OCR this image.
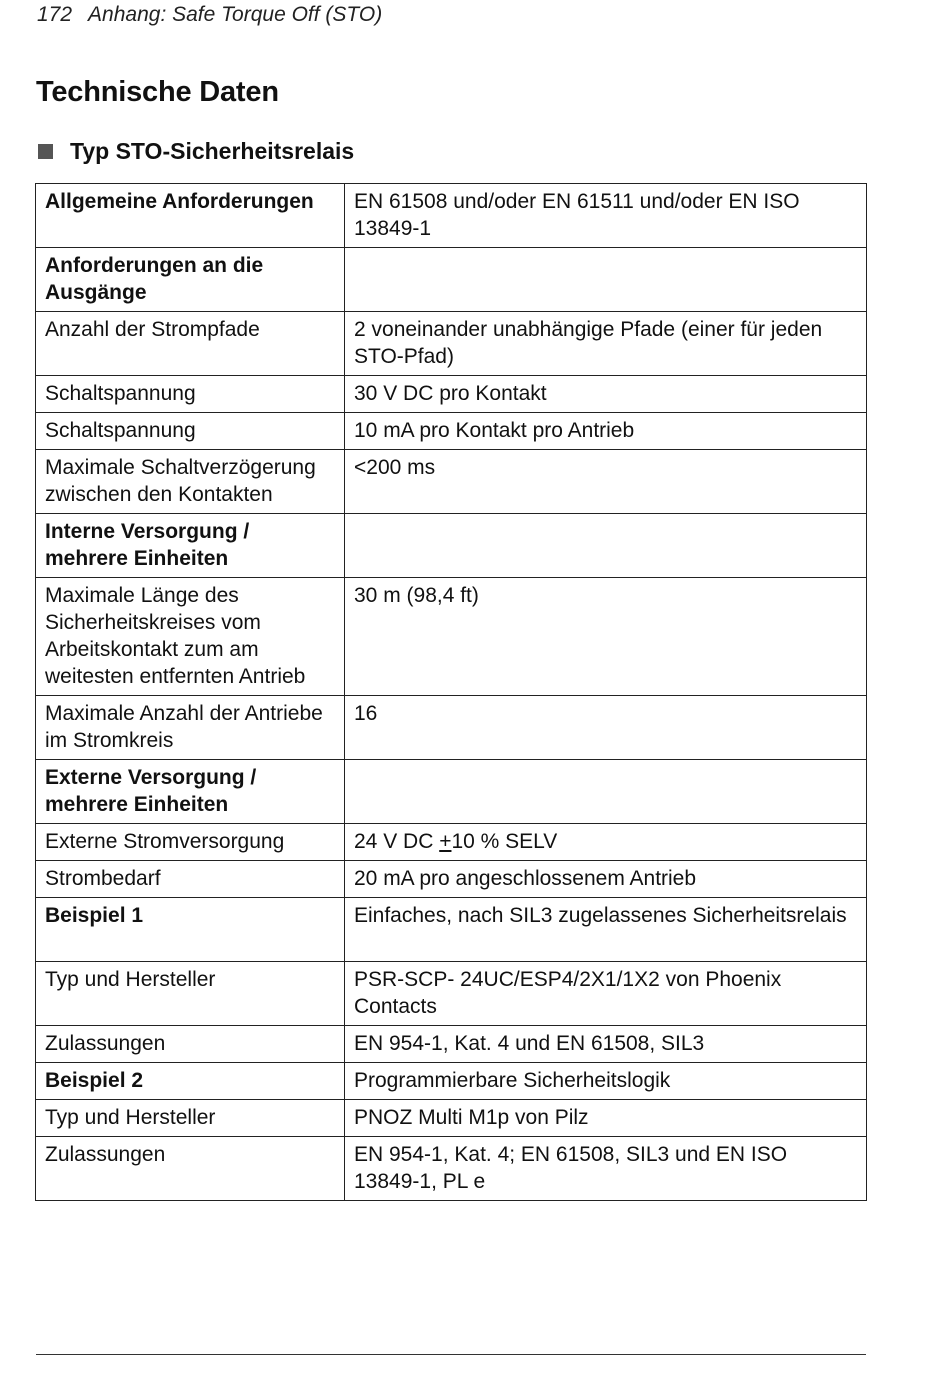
172 Anhang: Safe Torque Off (STO)
Technische Daten
Typ STO-Sicherheitsrelais
Allgemeine Anforderungen	EN 61508 und/oder EN 61511 und/oder EN ISO 13849-1
Anforderungen an die Ausgänge	
Anzahl der Strompfade	2 voneinander unabhängige Pfade (einer für jeden STO-Pfad)
Schaltspannung	30 V DC pro Kontakt
Schaltspannung	10 mA pro Kontakt pro Antrieb
Maximale Schaltverzögerung zwischen den Kontakten	<200 ms
Interne Versorgung / mehrere Einheiten	
Maximale Länge des Sicherheitskreises vom Arbeitskontakt zum am weitesten entfernten Antrieb	30 m (98,4 ft)
Maximale Anzahl der Antriebe im Stromkreis	16
Externe Versorgung / mehrere Einheiten	
Externe Stromversorgung	24 V DC +10 % SELV
Strombedarf	20 mA pro angeschlossenem Antrieb
Beispiel 1	Einfaches, nach SIL3 zugelassenes Sicherheitsrelais
Typ und Hersteller	PSR-SCP- 24UC/ESP4/2X1/1X2 von Phoenix Contacts
Zulassungen	EN 954-1, Kat. 4 und EN 61508, SIL3
Beispiel 2	Programmierbare Sicherheitslogik
Typ und Hersteller	PNOZ Multi M1p von Pilz
Zulassungen	EN 954-1, Kat. 4; EN 61508, SIL3 und EN ISO 13849-1, PL e
